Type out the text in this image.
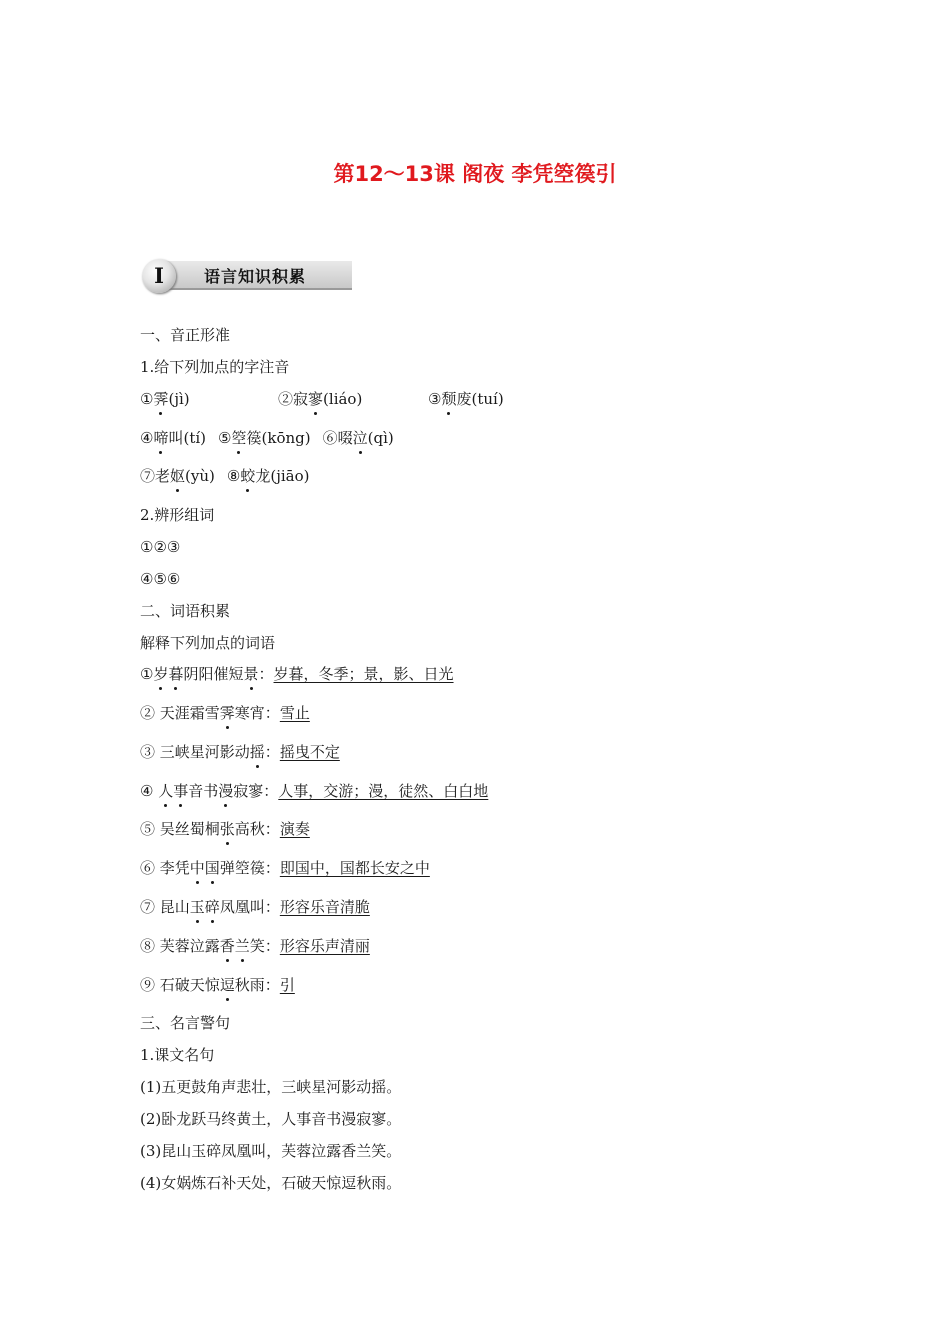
第12～13课 阁夜 李凭箜篌引
语言知识积累
I
一、音正形准
1.给下列加点的字注音
①霁(jì)	②寂寥(liáo)	③颓废(tuí)
④啼叫(tí) ⑤箜篌(kōng) ⑥啜泣(qì)
⑦老妪(yù) ⑧蛟龙(jiāo)
2.辨形组词
①②③
④⑤⑥
二、词语积累
解释下列加点的词语
①岁暮阴阳催短景：岁暮，冬季；景，影、日光
② 天涯霜雪霁寒宵：雪止
③ 三峡星河影动摇：摇曳不定
④ 人事音书漫寂寥：人事，交游；漫，徒然、白白地
⑤ 吴丝蜀桐张高秋：演奏
⑥ 李凭中国弹箜篌：即国中，国都长安之中
⑦ 昆山玉碎凤凰叫：形容乐音清脆
⑧ 芙蓉泣露香兰笑：形容乐声清丽
⑨ 石破天惊逗秋雨：引
三、名言警句
1.课文名句
(1)五更鼓角声悲壮，三峡星河影动摇。
(2)卧龙跃马终黄土，人事音书漫寂寥。
(3)昆山玉碎凤凰叫，芙蓉泣露香兰笑。
(4)女娲炼石补天处，石破天惊逗秋雨。
